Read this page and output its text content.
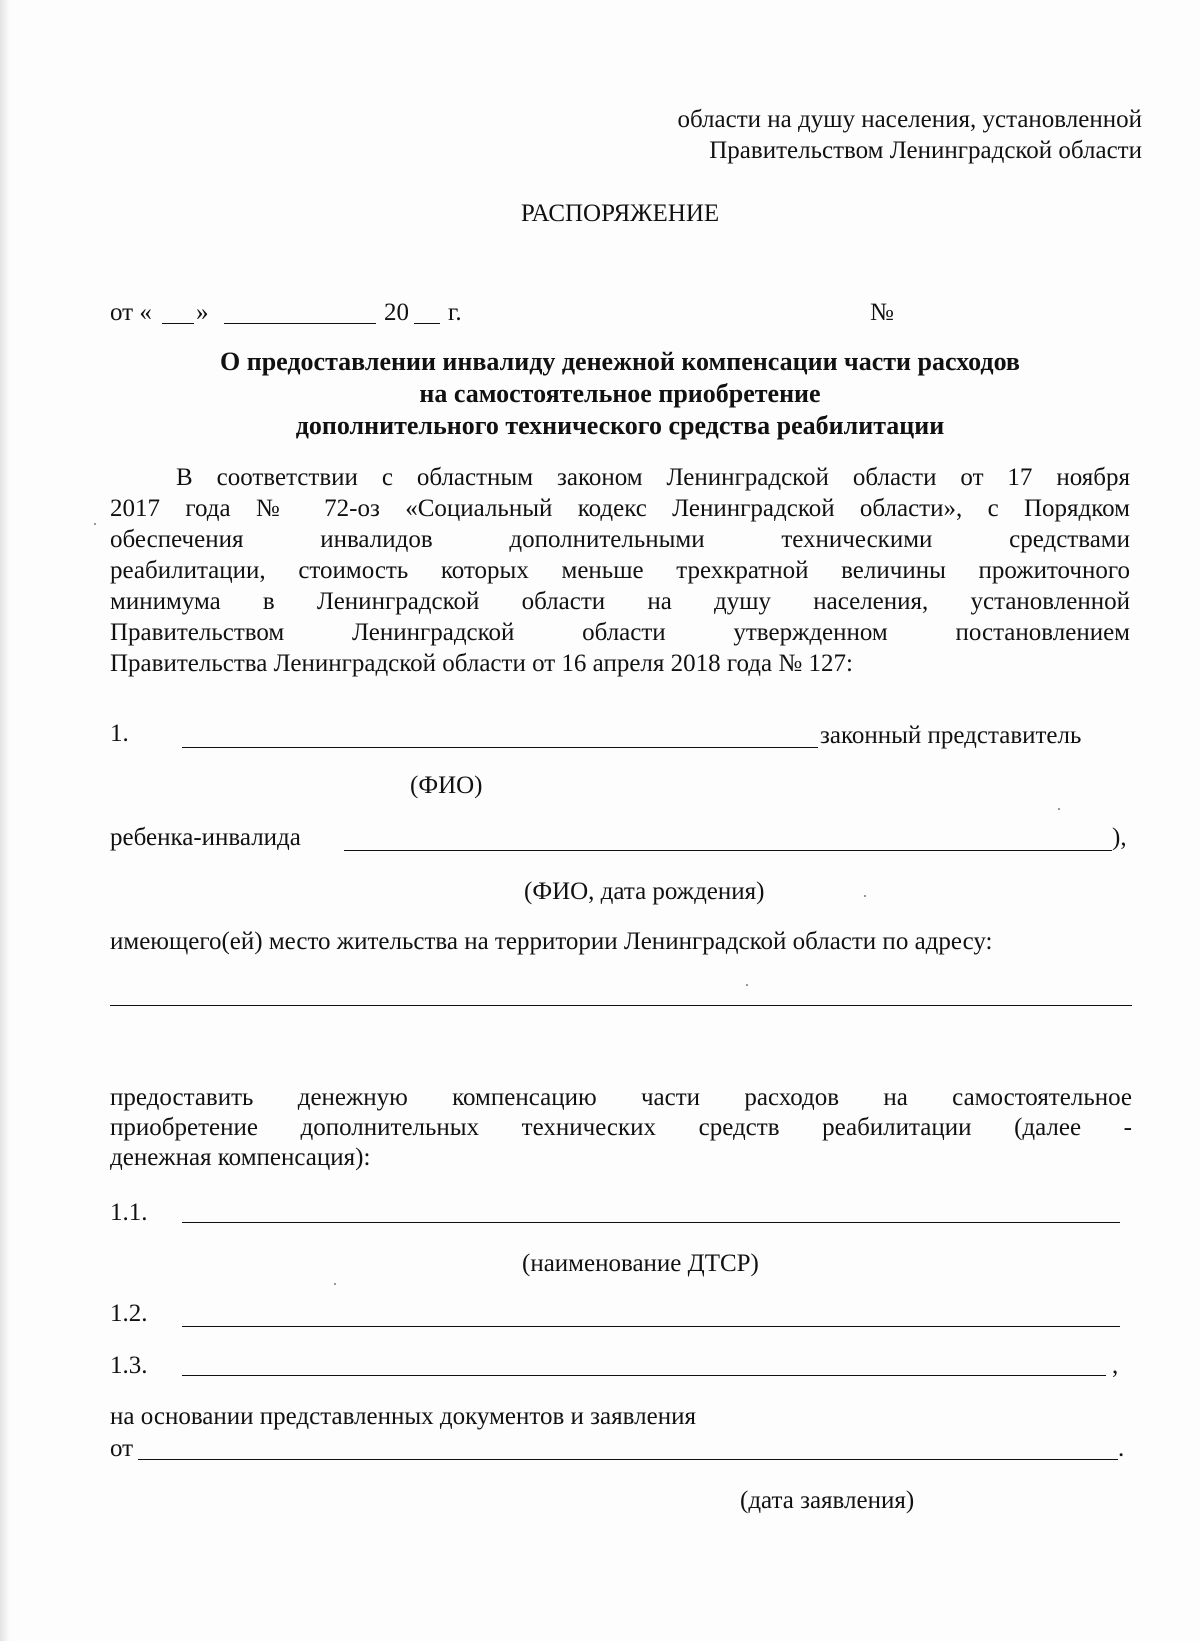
области на душу населения, установленной
Правительством Ленинградской области
РАСПОРЯЖЕНИЕ
от « »	20 г.	№
О предоставлении инвалиду денежной компенсации части расходов
на самостоятельное приобретение
дополнительного технического средства реабилитации
В соответствии с областным законом Ленинградской области от 17 ноября
2017 года № 72-оз «Социальный кодекс Ленинградской области», с Порядком
обеспечения инвалидов дополнительными техническими средствами
реабилитации, стоимость которых меньше трехкратной величины прожиточного
минимума в Ленинградской области на душу населения, установленной
Правительством Ленинградской области утвержденном постановлением
Правительства Ленинградской области от 16 апреля 2018 года № 127:
1.	законный представитель
(ФИО)
ребенка-инвалида	),
(ФИО, дата рождения)
имеющего(ей) место жительства на территории Ленинградской области по адресу:
предоставить денежную компенсацию части расходов на самостоятельное
приобретение дополнительных технических средств реабилитации (далее -
денежная компенсация):
1.1.
(наименование ДТСР)
1.2.
1.3.	,
на основании представленных документов и заявления
от	.
(дата заявления)
